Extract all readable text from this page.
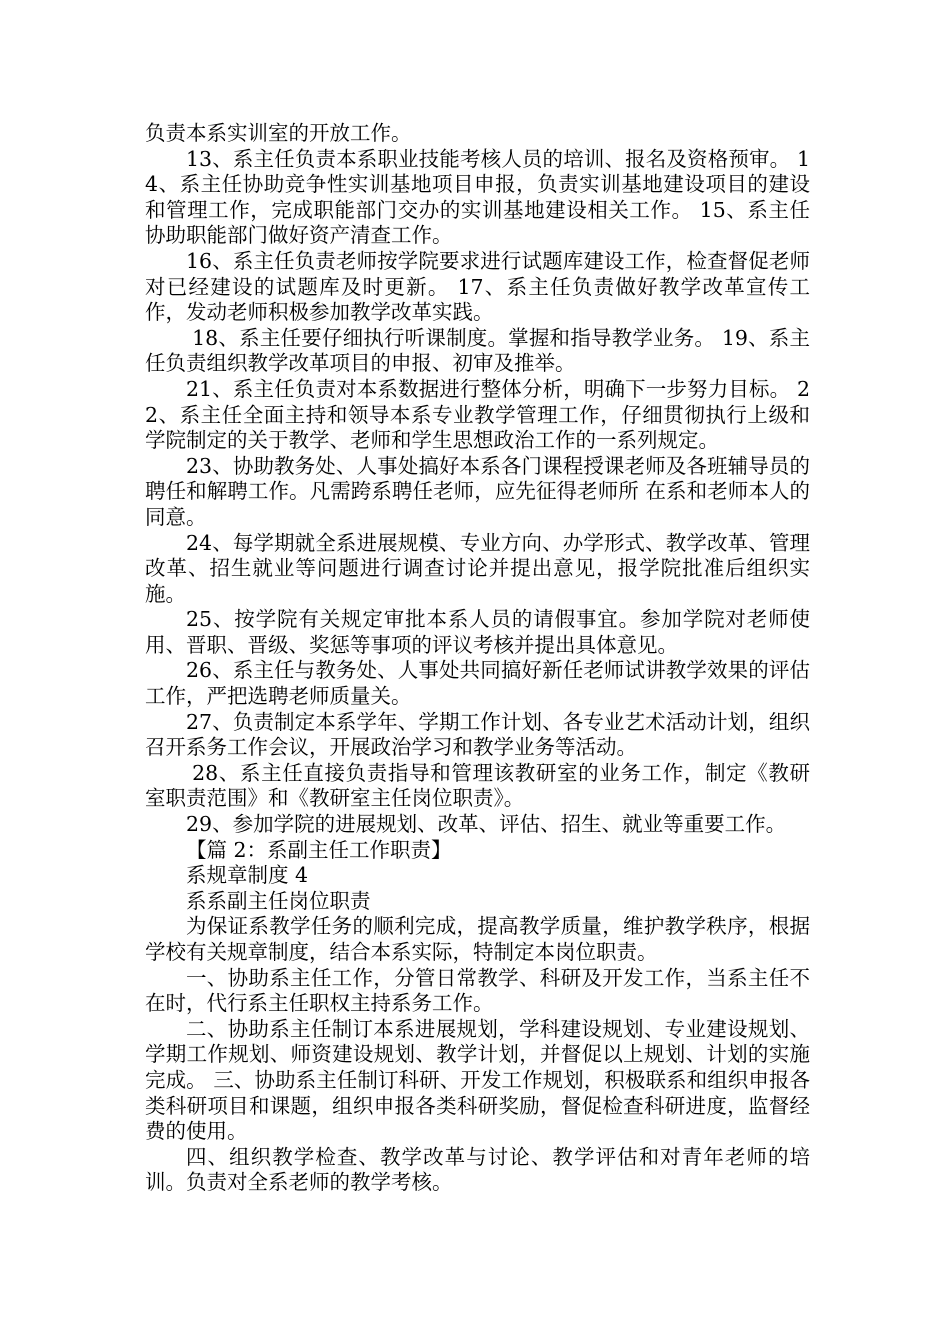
负责本系实训室的开放工作。

13、系主任负责本系职业技能考核人员的培训、报名及资格预审。 14、系主任协助竞争性实训基地项目申报，负责实训基地建设项目的建设和管理工作，完成职能部门交办的实训基地建设相关工作。 15、系主任协助职能部门做好资产清查工作。

16、系主任负责老师按学院要求进行试题库建设工作，检查督促老师对已经建设的试题库及时更新。 17、系主任负责做好教学改革宣传工作，发动老师积极参加教学改革实践。

18、系主任要仔细执行听课制度。掌握和指导教学业务。 19、系主任负责组织教学改革项目的申报、初审及推举。

21、系主任负责对本系数据进行整体分析，明确下一步努力目标。 22、系主任全面主持和领导本系专业教学管理工作，仔细贯彻执行上级和学院制定的关于教学、老师和学生思想政治工作的一系列规定。

23、协助教务处、人事处搞好本系各门课程授课老师及各班辅导员的聘任和解聘工作。凡需跨系聘任老师，应先征得老师所 在系和老师本人的同意。

24、每学期就全系进展规模、专业方向、办学形式、教学改革、管理改革、招生就业等问题进行调查讨论并提出意见，报学院批准后组织实施。

25、按学院有关规定审批本系人员的请假事宜。参加学院对老师使用、晋职、晋级、奖惩等事项的评议考核并提出具体意见。

26、系主任与教务处、人事处共同搞好新任老师试讲教学效果的评估工作，严把选聘老师质量关。

27、负责制定本系学年、学期工作计划、各专业艺术活动计划，组织召开系务工作会议，开展政治学习和教学业务等活动。

28、系主任直接负责指导和管理该教研室的业务工作，制定《教研室职责范围》和《教研室主任岗位职责》。

29、参加学院的进展规划、改革、评估、招生、就业等重要工作。

【篇 2：系副主任工作职责】

系规章制度 4

系系副主任岗位职责

为保证系教学任务的顺利完成，提高教学质量，维护教学秩序，根据学校有关规章制度，结合本系实际，特制定本岗位职责。

一、协助系主任工作，分管日常教学、科研及开发工作，当系主任不在时，代行系主任职权主持系务工作。

二、协助系主任制订本系进展规划，学科建设规划、专业建设规划、学期工作规划、师资建设规划、教学计划，并督促以上规划、计划的实施完成。 三、协助系主任制订科研、开发工作规划，积极联系和组织申报各类科研项目和课题，组织申报各类科研奖励，督促检查科研进度，监督经费的使用。

四、组织教学检查、教学改革与讨论、教学评估和对青年老师的培训。负责对全系老师的教学考核。
